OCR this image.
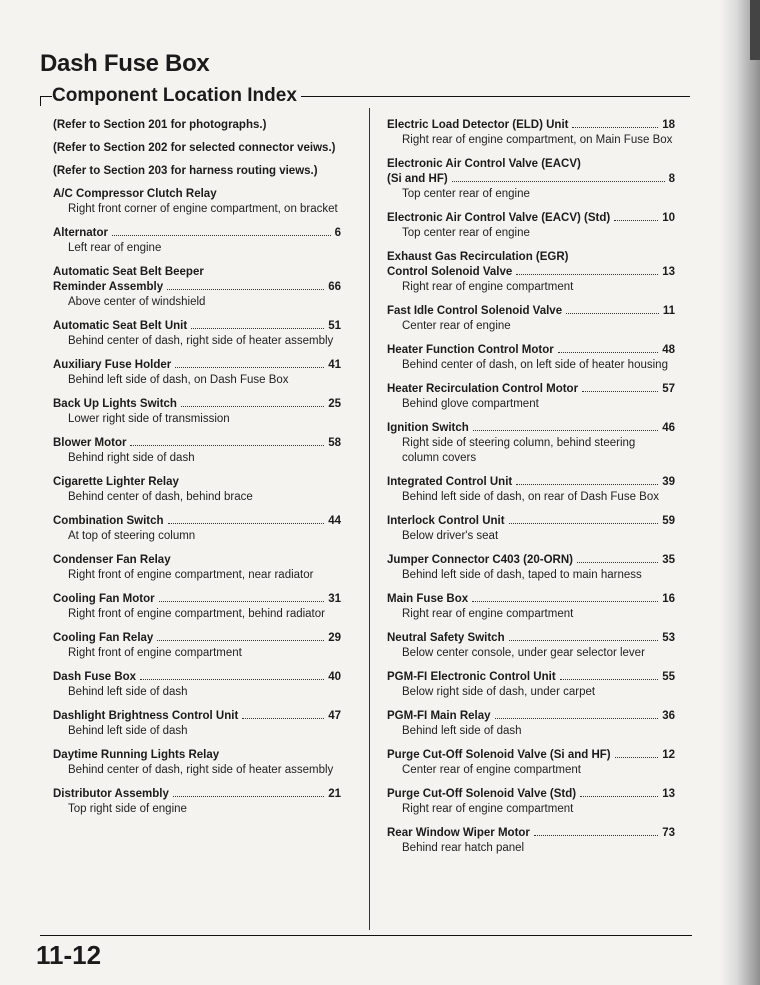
Dash Fuse Box
Component Location Index
(Refer to Section 201 for photographs.)
(Refer to Section 202 for selected connector veiws.)
(Refer to Section 203 for harness routing views.)
A/C Compressor Clutch Relay
Right front corner of engine compartment, on bracket
Alternator	6
Left rear of engine
Automatic Seat Belt Beeper
Reminder Assembly	66
Above center of windshield
Automatic Seat Belt Unit	51
Behind center of dash, right side of heater assembly
Auxiliary Fuse Holder	41
Behind left side of dash, on Dash Fuse Box
Back Up Lights Switch	25
Lower right side of transmission
Blower Motor	58
Behind right side of dash
Cigarette Lighter Relay
Behind center of dash, behind brace
Combination Switch	44
At top of steering column
Condenser Fan Relay
Right front of engine compartment, near radiator
Cooling Fan Motor	31
Right front of engine compartment, behind radiator
Cooling Fan Relay	29
Right front of engine compartment
Dash Fuse Box	40
Behind left side of dash
Dashlight Brightness Control Unit	47
Behind left side of dash
Daytime Running Lights Relay
Behind center of dash, right side of heater assembly
Distributor Assembly	21
Top right side of engine
Electric Load Detector (ELD) Unit	18
Right rear of engine compartment, on Main Fuse Box
Electronic Air Control Valve (EACV)
(Si and HF)	8
Top center rear of engine
Electronic Air Control Valve (EACV) (Std)	10
Top center rear of engine
Exhaust Gas Recirculation (EGR)
Control Solenoid Valve	13
Right rear of engine compartment
Fast Idle Control Solenoid Valve	11
Center rear of engine
Heater Function Control Motor	48
Behind center of dash, on left side of heater housing
Heater Recirculation Control Motor	57
Behind glove compartment
Ignition Switch	46
Right side of steering column, behind steering column covers
Integrated Control Unit	39
Behind left side of dash, on rear of Dash Fuse Box
Interlock Control Unit	59
Below driver's seat
Jumper Connector C403 (20-ORN)	35
Behind left side of dash, taped to main harness
Main Fuse Box	16
Right rear of engine compartment
Neutral Safety Switch	53
Below center console, under gear selector lever
PGM-FI Electronic Control Unit	55
Below right side of dash, under carpet
PGM-FI Main Relay	36
Behind left side of dash
Purge Cut-Off Solenoid Valve (Si and HF)	12
Center rear of engine compartment
Purge Cut-Off Solenoid Valve (Std)	13
Right rear of engine compartment
Rear Window Wiper Motor	73
Behind rear hatch panel
11-12
